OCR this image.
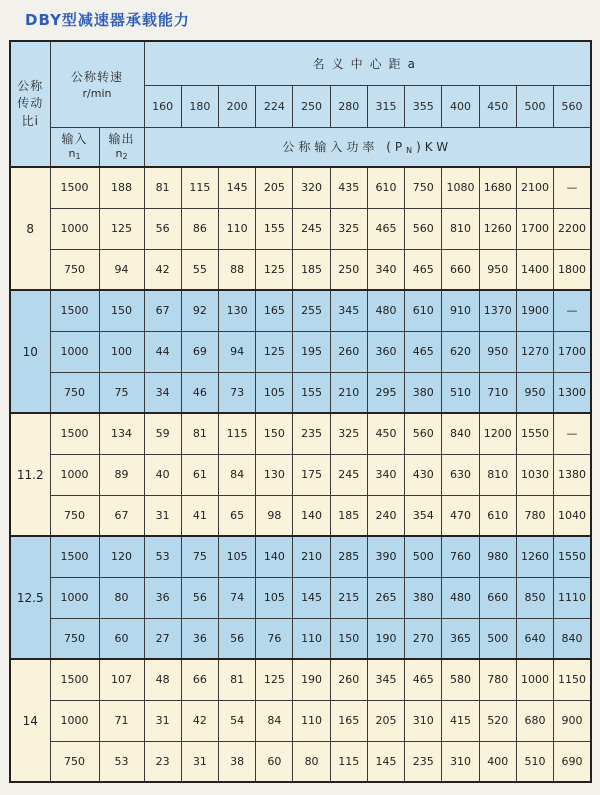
DBY型减速器承载能力
公称
传动
比i

公称转速
r/min
	名义中心距a
			160	180	200	224	250	280	315	355	400	450	500	560

	输入
$n_1$	输出
$n_2$	公称输入功率 $(P_N)KW$											
8	1500	188	81	115	145	205	320	435	610	750	1080	1680	2100	—
	1000	125	56	86	110	155	245	325	465	560	810	1260	1700	2200
	750	94	42	55	88	125	185	250	340	465	660	950	1400	1800
10	1500	150	67	92	130	165	255	345	480	610	910	1370	1900	—
	1000	100	44	69	94	125	195	260	360	465	620	950	1270	1700
	750	75	34	46	73	105	155	210	295	380	510	710	950	1300
11.2	1500	134	59	81	115	150	235	325	450	560	840	1200	1550	—
	1000	89	40	61	84	130	175	245	340	430	630	810	1030	1380
	750	67	31	41	65	98	140	185	240	354	470	610	780	1040
12.5	1500	120	53	75	105	140	210	285	390	500	760	980	1260	1550
	1000	80	36	56	74	105	145	215	265	380	480	660	850	1110
	750	60	27	36	56	76	110	150	190	270	365	500	640	840
14	1500	107	48	66	81	125	190	260	345	465	580	780	1000	1150
	1000	71	31	42	54	84	110	165	205	310	415	520	680	900
	750	53	23	31	38	60	80	115	145	235	310	400	510	690
